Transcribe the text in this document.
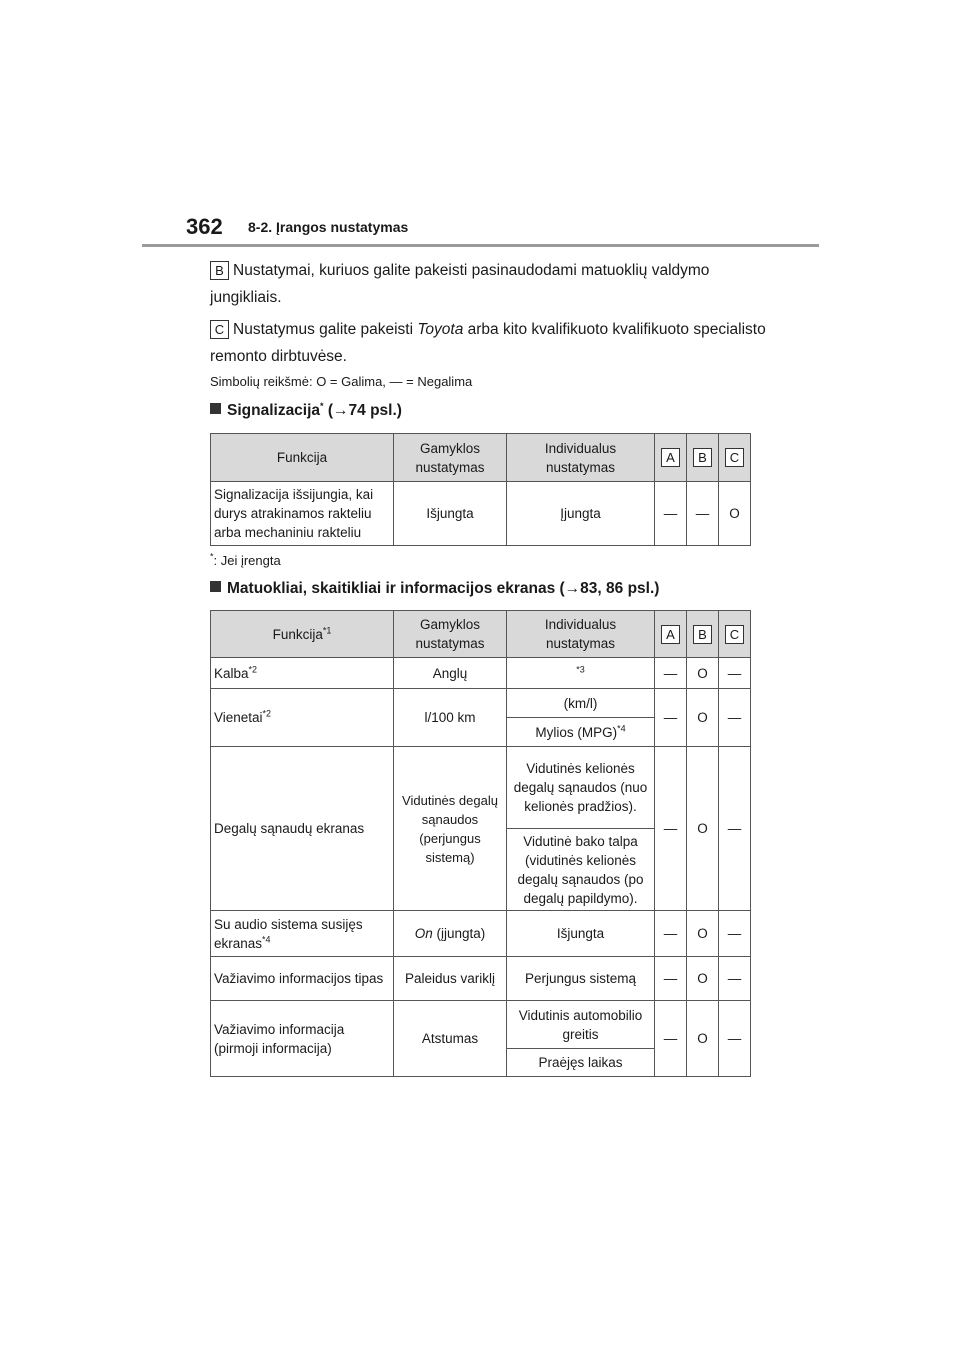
362 8-2. Įrangos nustatymas
B Nustatymai, kuriuos galite pakeisti pasinaudodami matuoklių valdymo jungikliais.
C Nustatymus galite pakeisti Toyota arba kito kvalifikuoto kvalifikuoto specialisto remonto dirbtuvėse.
Simbolių reikšmė: O = Galima, — = Negalima
Signalizacija* (→74 psl.)
Funkcija	Gamyklos nustatymas	Individualus nustatymas	A	B	C
Signalizacija išsijungia, kai durys atrakinamos rakteliu arba mechaniniu rakteliu	Išjungta	Įjungta	—	—	O
*: Jei įrengta
Matuokliai, skaitikliai ir informacijos ekranas (→83, 86 psl.)
Funkcija$^{*1}$	Gamyklos nustatymas	Individualus nustatymas	A	B	C
Kalba$^{*2}$	Anglų	$^{*3}$	—	O	—
Vienetai$^{*2}$	l/100 km	(km/l)	—	O	—
		Mylios (MPG)$^{*4}$
Degalų sąnaudų ekranas	Vidutinės degalų sąnaudos (perjungus sistemą)	Vidutinės kelionės degalų sąnaudos (nuo kelionės pradžios).	—	O	—
		Vidutinė bako talpa (vidutinės kelionės degalų sąnaudos (po degalų papildymo).			
Su audio sistema susijęs ekranas$^{*4}$	On (įjungta)	Išjungta	—	O	—
Važiavimo informacijos tipas	Paleidus variklį	Perjungus sistemą	—	O	—
Važiavimo informacija (pirmoji informacija)	Atstumas	Vidutinis automobilio greitis	—	O	—
		Praėjęs laikas			
